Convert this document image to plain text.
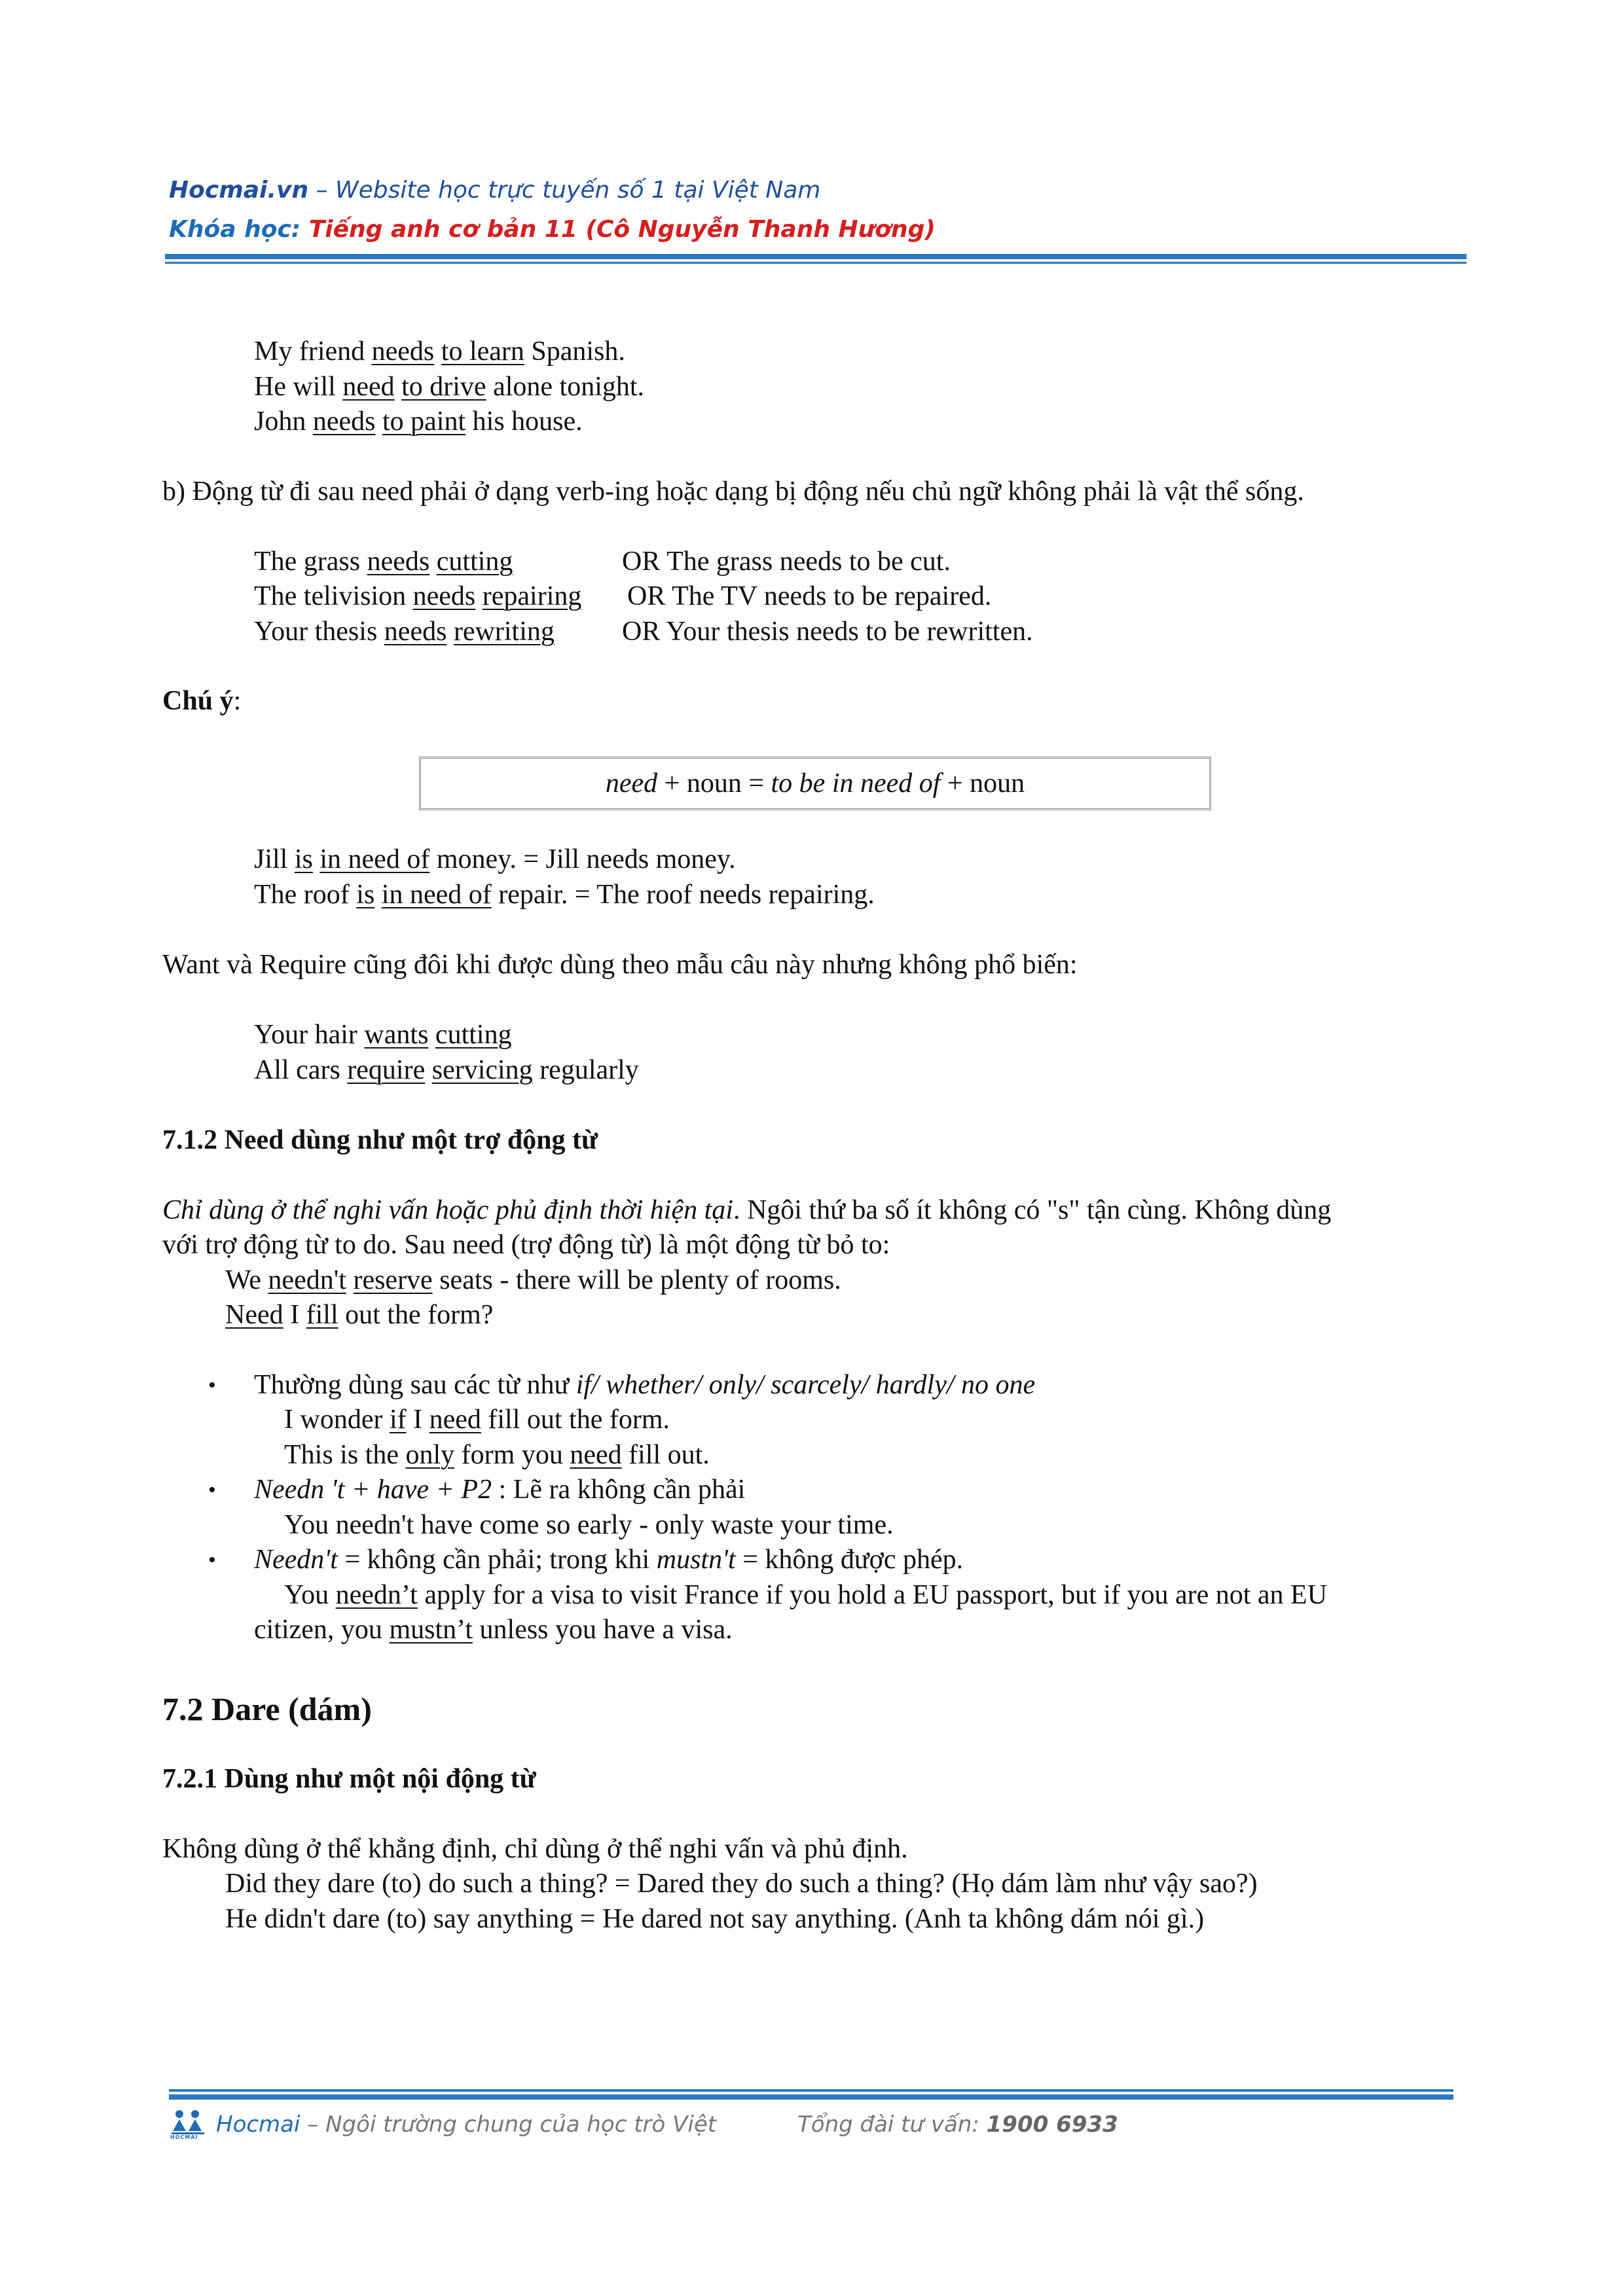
Hocmai.vn – Website học trực tuyến số 1 tại Việt Nam
Khóa học: Tiếng anh cơ bản 11 (Cô Nguyễn Thanh Hương)
My friend needs to learn Spanish.
He will need to drive alone tonight.
John needs to paint his house.
b) Động từ đi sau need phải ở dạng verb-ing hoặc dạng bị động nếu chủ ngữ không phải là vật thể sống.
The grass needs cutting	OR The grass needs to be cut.
The telivision needs repairing OR The TV needs to be repaired.
Your thesis needs rewriting OR Your thesis needs to be rewritten.
Chú ý:
need + noun = to be in need of + noun
Jill is in need of money. = Jill needs money.
The roof is in need of repair. = The roof needs repairing.
Want và Require cũng đôi khi được dùng theo mẫu câu này nhưng không phổ biến:
Your hair wants cutting
All cars require servicing regularly
7.1.2 Need dùng như một trợ động từ
Chỉ dùng ở thể nghi vấn hoặc phủ định thời hiện tại. Ngôi thứ ba số ít không có "s" tận cùng. Không dùng
với trợ động từ to do. Sau need (trợ động từ) là một động từ bỏ to:
We needn't reserve seats - there will be plenty of rooms.
Need I fill out the form?
• Thường dùng sau các từ như if/ whether/ only/ scarcely/ hardly/ no one
I wonder if I need fill out the form.
This is the only form you need fill out.
• Needn 't + have + P2 : Lẽ ra không cần phải
You needn't have come so early - only waste your time.
• Needn't = không cần phải; trong khi mustn't = không được phép.
You needn’t apply for a visa to visit France if you hold a EU passport, but if you are not an EU
citizen, you mustn’t unless you have a visa.
7.2 Dare (dám)
7.2.1 Dùng như một nội động từ
Không dùng ở thể khẳng định, chỉ dùng ở thể nghi vấn và phủ định.
Did they dare (to) do such a thing? = Dared they do such a thing? (Họ dám làm như vậy sao?)
He didn't dare (to) say anything = He dared not say anything. (Anh ta không dám nói gì.)
HOCMAI Hocmai – Ngôi trường chung của học trò Việt	Tổng đài tư vấn: 1900 6933
